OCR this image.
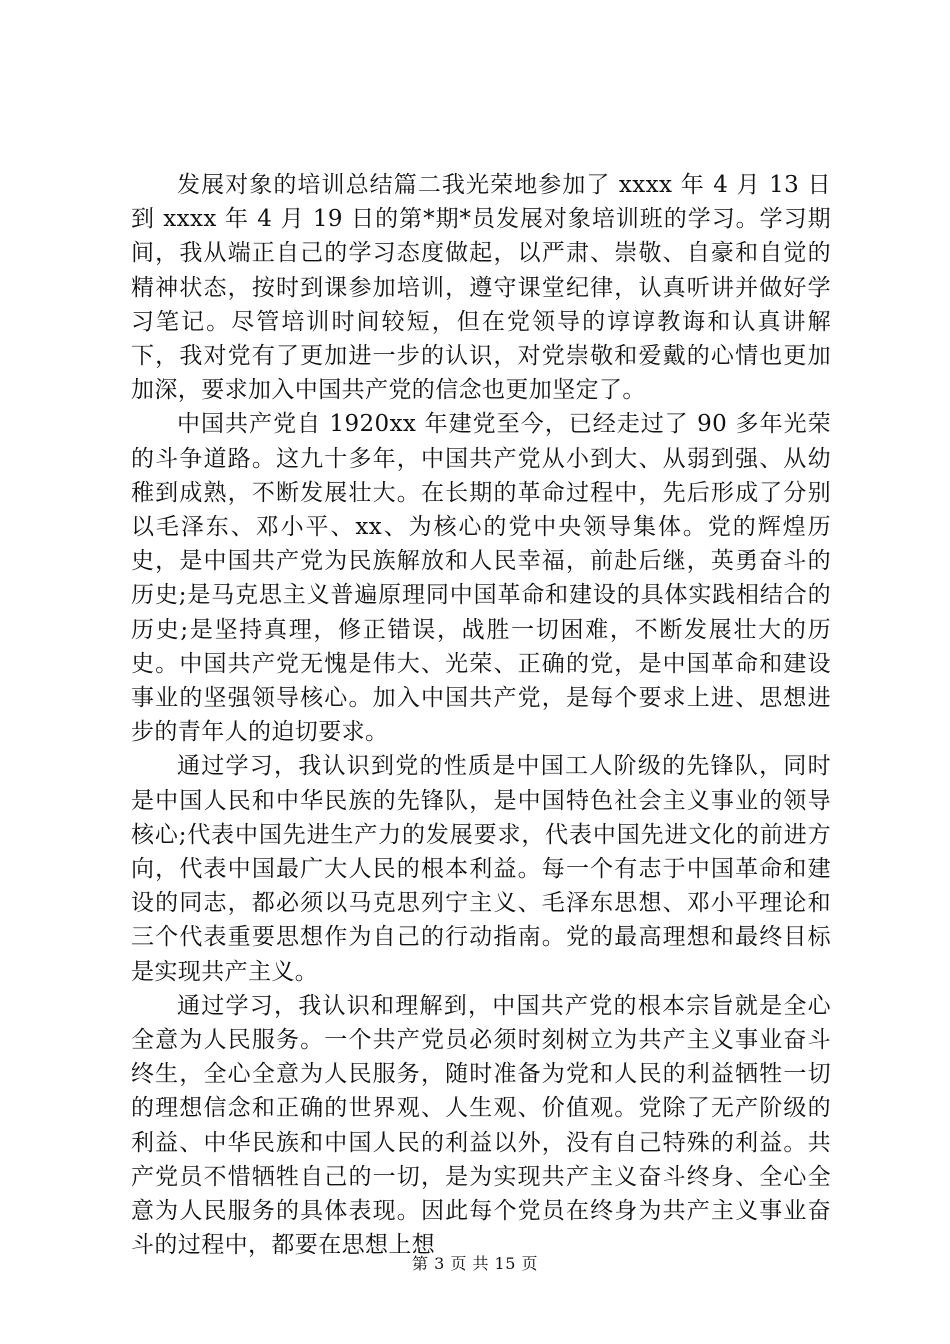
发展对象的培训总结篇二我光荣地参加了 xxxx 年 4 月 13 日到 xxxx 年 4 月 19 日的第*期*员发展对象培训班的学习。学习期间，我从端正自己的学习态度做起，以严肃、崇敬、自豪和自觉的精神状态，按时到课参加培训，遵守课堂纪律，认真听讲并做好学习笔记。尽管培训时间较短，但在党领导的谆谆教诲和认真讲解下，我对党有了更加进一步的认识，对党崇敬和爱戴的心情也更加加深，要求加入中国共产党的信念也更加坚定了。

中国共产党自 1920xx 年建党至今，已经走过了 90 多年光荣的斗争道路。这九十多年，中国共产党从小到大、从弱到强、从幼稚到成熟，不断发展壮大。在长期的革命过程中，先后形成了分别以毛泽东、邓小平、xx、为核心的党中央领导集体。党的辉煌历史，是中国共产党为民族解放和人民幸福，前赴后继，英勇奋斗的历史;是马克思主义普遍原理同中国革命和建设的具体实践相结合的历史;是坚持真理，修正错误，战胜一切困难，不断发展壮大的历史。中国共产党无愧是伟大、光荣、正确的党，是中国革命和建设事业的坚强领导核心。加入中国共产党，是每个要求上进、思想进步的青年人的迫切要求。

通过学习，我认识到党的性质是中国工人阶级的先锋队，同时是中国人民和中华民族的先锋队，是中国特色社会主义事业的领导核心;代表中国先进生产力的发展要求，代表中国先进文化的前进方向，代表中国最广大人民的根本利益。每一个有志于中国革命和建设的同志，都必须以马克思列宁主义、毛泽东思想、邓小平理论和三个代表重要思想作为自己的行动指南。党的最高理想和最终目标是实现共产主义。

通过学习，我认识和理解到，中国共产党的根本宗旨就是全心全意为人民服务。一个共产党员必须时刻树立为共产主义事业奋斗终生，全心全意为人民服务，随时准备为党和人民的利益牺牲一切的理想信念和正确的世界观、人生观、价值观。党除了无产阶级的利益、中华民族和中国人民的利益以外，没有自己特殊的利益。共产党员不惜牺牲自己的一切，是为实现共产主义奋斗终身、全心全意为人民服务的具体表现。因此每个党员在终身为共产主义事业奋斗的过程中，都要在思想上想

第 3 页 共 15 页
